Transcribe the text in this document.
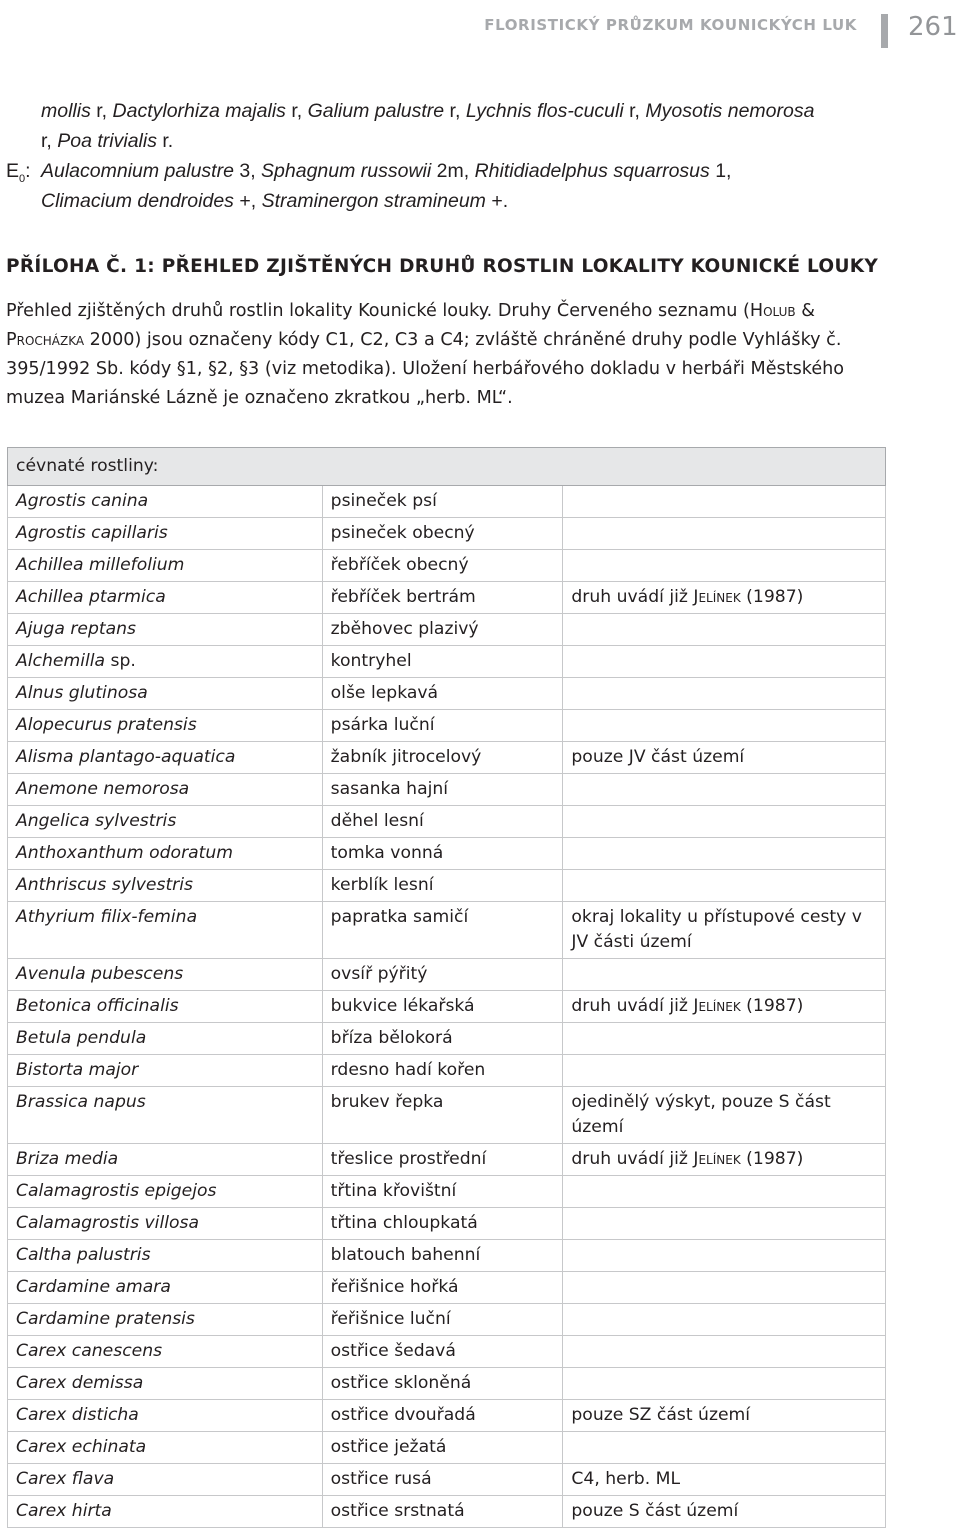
FLORISTICKÝ PRŮZKUM KOUNICKÝCH LUK 261

mollis r, Dactylorhiza majalis r, Galium palustre r, Lychnis flos-cuculi r, Myosotis nemorosa

r, Poa trivialis r.

$E_0$: Aulacomnium palustre 3, Sphagnum russowii 2m, Rhitidiadelphus squarrosus 1,

Climacium dendroides +, Straminergon stramineum +.

PŘÍLOHA Č. 1: PŘEHLED ZJIŠTĚNÝCH DRUHŮ ROSTLIN LOKALITY KOUNICKÉ LOUKY
Přehled zjištěných druhů rostlin lokality Kounické louky. Druhy Červeného seznamu (Holub & Procházka 2000) jsou označeny kódy C1, C2, C3 a C4; zvláště chráněné druhy podle Vyhlášky č. 395/1992 Sb. kódy §1, §2, §3 (viz metodika). Uložení herbářového dokladu v herbáři Městského muzea Mariánské Lázně je označeno zkratkou „herb. ML“.
cévnaté rostliny:		
Agrostis canina	psineček psí	
Agrostis capillaris	psineček obecný	
Achillea millefolium	řebříček obecný	
Achillea ptarmica	řebříček bertrám	druh uvádí již Jelínek (1987)
Ajuga reptans	zběhovec plazivý	
Alchemilla sp.	kontryhel	
Alnus glutinosa	olše lepkavá	
Alopecurus pratensis	psárka luční	
Alisma plantago-aquatica	žabník jitrocelový	pouze JV část území
Anemone nemorosa	sasanka hajní	
Angelica sylvestris	děhel lesní	
Anthoxanthum odoratum	tomka vonná	
Anthriscus sylvestris	kerblík lesní	
Athyrium filix-femina	papratka samičí	okraj lokality u přístupové cesty v JV části území
Avenula pubescens	ovsíř pýřitý	
Betonica officinalis	bukvice lékařská	druh uvádí již Jelínek (1987)
Betula pendula	bříza bělokorá	
Bistorta major	rdesno hadí kořen	
Brassica napus	brukev řepka	ojedinělý výskyt, pouze S část území
Briza media	třeslice prostřední	druh uvádí již Jelínek (1987)
Calamagrostis epigejos	třtina křovištní	
Calamagrostis villosa	třtina chloupkatá	
Caltha palustris	blatouch bahenní	
Cardamine amara	řeřišnice hořká	
Cardamine pratensis	řeřišnice luční	
Carex canescens	ostřice šedavá	
Carex demissa	ostřice skloněná	
Carex disticha	ostřice dvouřadá	pouze SZ část území
Carex echinata	ostřice ježatá	
Carex flava	ostřice rusá	C4, herb. ML
Carex hirta	ostřice srstnatá	pouze S část území
